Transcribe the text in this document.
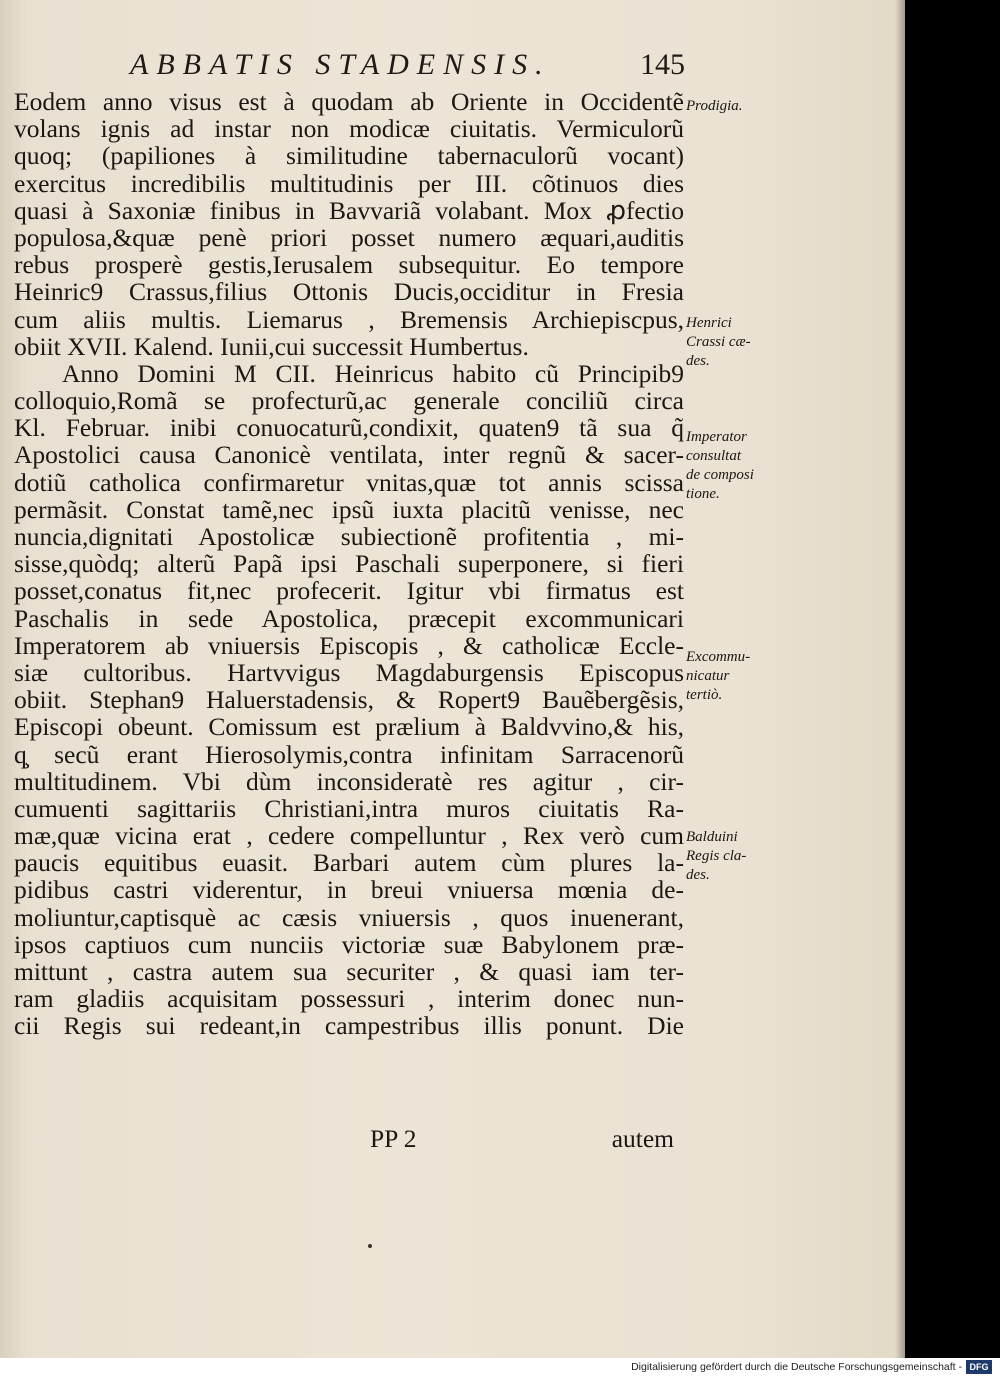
ABBATIS STADENSIS.	145
Eodem anno visus est à quodam ab Oriente in Occidentẽ
volans ignis ad instar non modicæ ciuitatis. Vermiculorũ
quoq; (papiliones à similitudine tabernaculorũ vocant)
exercitus incredibilis multitudinis per III. cõtinuos dies
quasi à Saxoniæ finibus in Bavvariã volabant. Mox ꝓfectio
populosa,&quæ penè priori posset numero æquari,auditis
rebus prosperè gestis,Ierusalem subsequitur. Eo tempore
Heinric9 Crassus,filius Ottonis Ducis,occiditur in Fresia
cum aliis multis. Liemarus , Bremensis Archiepiscpus,
obiit XVII. Kalend. Iunii,cui successit Humbertus.
Anno Domini M CII. Heinricus habito cũ Principib9
colloquio,Romã se profecturũ,ac generale conciliũ circa
Kl. Februar. inibi conuocaturũ,condixit, quaten9 tã sua q̃
Apostolici causa Canonicè ventilata, inter regnũ & sacer-
dotiũ catholica confirmaretur vnitas,quæ tot annis scissa
permãsit. Constat tamẽ,nec ipsũ iuxta placitũ venisse, nec
nuncia,dignitati Apostolicæ subiectionẽ profitentia , mi-
sisse,quòdq; alterũ Papã ipsi Paschali superponere, si fieri
posset,conatus fit,nec profecerit. Igitur vbi firmatus est
Paschalis in sede Apostolica, præcepit excommunicari
Imperatorem ab vniuersis Episcopis , & catholicæ Eccle-
siæ cultoribus. Hartvvigus Magdaburgensis Episcopus
obiit. Stephan9 Haluerstadensis, & Ropert9 Bauẽbergẽsis,
Episcopi obeunt. Comissum est prælium à Baldvvino,& his,
q̧ secũ erant Hierosolymis,contra infinitam Sarracenorũ
multitudinem. Vbi dùm inconsideratè res agitur , cir-
cumuenti sagittariis Christiani,intra muros ciuitatis Ra-
mæ,quæ vicina erat , cedere compelluntur , Rex verò cum
paucis equitibus euasit. Barbari autem cùm plures la-
pidibus castri viderentur, in breui vniuersa mœnia de-
moliuntur,captisquè ac cæsis vniuersis , quos inuenerant,
ipsos captiuos cum nunciis victoriæ suæ Babylonem præ-
mittunt , castra autem sua securiter , & quasi iam ter-
ram gladiis acquisitam possessuri , interim donec nun-
cii Regis sui redeant,in campestribus illis ponunt. Die
Prodigia.
Henrici
Crassi cæ-
des.
Imperator
consultat
de composi
tione.
Excommu-
nicatur
tertiò.
Balduini
Regis cla-
des.
PP 2	autem
Digitalisierung gefördert durch die Deutsche Forschungsgemeinschaft - DFG
